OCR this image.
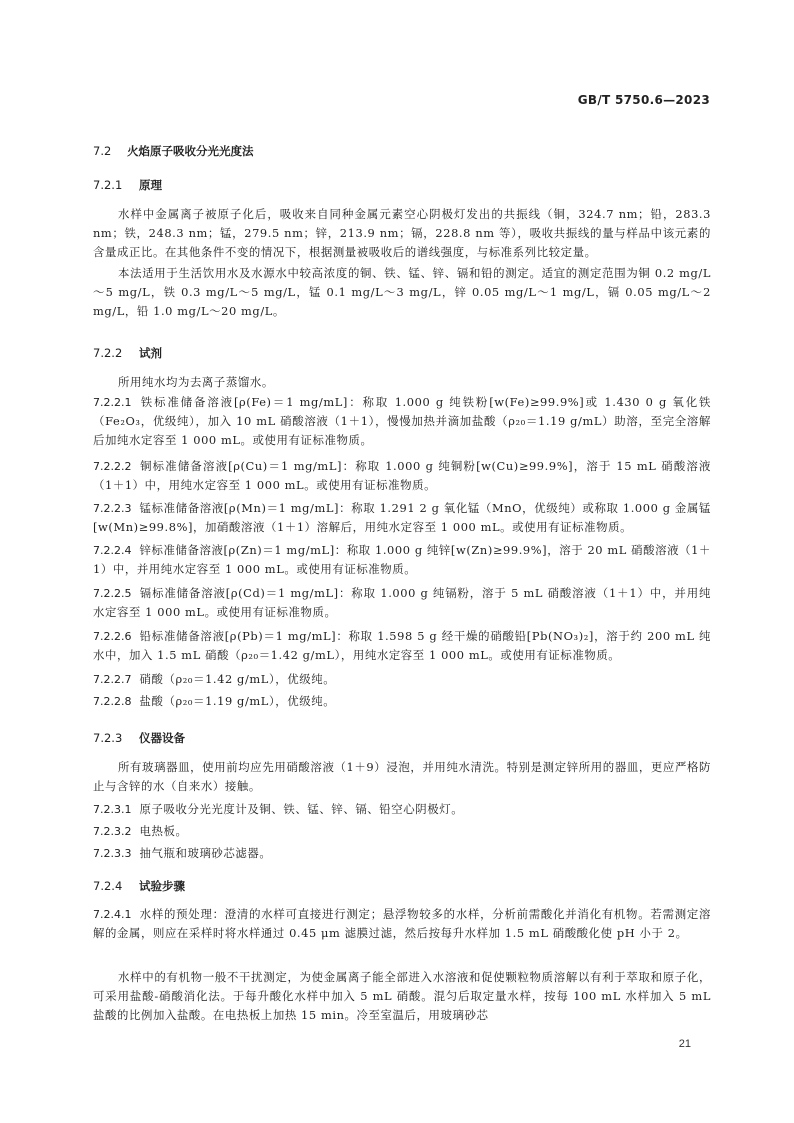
GB/T 5750.6—2023
7.2 火焰原子吸收分光光度法
7.2.1 原理
水样中金属离子被原子化后，吸收来自同种金属元素空心阴极灯发出的共振线（铜，324.7 nm；铅，283.3 nm；铁，248.3 nm；锰，279.5 nm；锌，213.9 nm；镉，228.8 nm 等），吸收共振线的量与样品中该元素的含量成正比。在其他条件不变的情况下，根据测量被吸收后的谱线强度，与标准系列比较定量。
本法适用于生活饮用水及水源水中较高浓度的铜、铁、锰、锌、镉和铅的测定。适宜的测定范围为铜 0.2 mg/L～5 mg/L，铁 0.3 mg/L～5 mg/L，锰 0.1 mg/L～3 mg/L，锌 0.05 mg/L～1 mg/L，镉 0.05 mg/L～2 mg/L，铅 1.0 mg/L～20 mg/L。
7.2.2 试剂
所用纯水均为去离子蒸馏水。
7.2.2.1 铁标准储备溶液[ρ(Fe)＝1 mg/mL]：称取 1.000 g 纯铁粉[w(Fe)≥99.9%]或 1.430 0 g 氧化铁（Fe₂O₃，优级纯），加入 10 mL 硝酸溶液（1＋1），慢慢加热并滴加盐酸（ρ₂₀＝1.19 g/mL）助溶，至完全溶解后加纯水定容至 1 000 mL。或使用有证标准物质。
7.2.2.2 铜标准储备溶液[ρ(Cu)＝1 mg/mL]：称取 1.000 g 纯铜粉[w(Cu)≥99.9%]，溶于 15 mL 硝酸溶液（1＋1）中，用纯水定容至 1 000 mL。或使用有证标准物质。
7.2.2.3 锰标准储备溶液[ρ(Mn)＝1 mg/mL]：称取 1.291 2 g 氧化锰（MnO，优级纯）或称取 1.000 g 金属锰[w(Mn)≥99.8%]，加硝酸溶液（1＋1）溶解后，用纯水定容至 1 000 mL。或使用有证标准物质。
7.2.2.4 锌标准储备溶液[ρ(Zn)＝1 mg/mL]：称取 1.000 g 纯锌[w(Zn)≥99.9%]，溶于 20 mL 硝酸溶液（1＋1）中，并用纯水定容至 1 000 mL。或使用有证标准物质。
7.2.2.5 镉标准储备溶液[ρ(Cd)＝1 mg/mL]：称取 1.000 g 纯镉粉，溶于 5 mL 硝酸溶液（1＋1）中，并用纯水定容至 1 000 mL。或使用有证标准物质。
7.2.2.6 铅标准储备溶液[ρ(Pb)＝1 mg/mL]：称取 1.598 5 g 经干燥的硝酸铅[Pb(NO₃)₂]，溶于约 200 mL 纯水中，加入 1.5 mL 硝酸（ρ₂₀＝1.42 g/mL），用纯水定容至 1 000 mL。或使用有证标准物质。
7.2.2.7 硝酸（ρ₂₀＝1.42 g/mL），优级纯。
7.2.2.8 盐酸（ρ₂₀＝1.19 g/mL），优级纯。
7.2.3 仪器设备
所有玻璃器皿，使用前均应先用硝酸溶液（1＋9）浸泡，并用纯水清洗。特别是测定锌所用的器皿，更应严格防止与含锌的水（自来水）接触。
7.2.3.1 原子吸收分光光度计及铜、铁、锰、锌、镉、铅空心阴极灯。
7.2.3.2 电热板。
7.2.3.3 抽气瓶和玻璃砂芯滤器。
7.2.4 试验步骤
7.2.4.1 水样的预处理：澄清的水样可直接进行测定；悬浮物较多的水样，分析前需酸化并消化有机物。若需测定溶解的金属，则应在采样时将水样通过 0.45 μm 滤膜过滤，然后按每升水样加 1.5 mL 硝酸酸化使 pH 小于 2。
水样中的有机物一般不干扰测定，为使金属离子能全部进入水溶液和促使颗粒物质溶解以有利于萃取和原子化，可采用盐酸-硝酸消化法。于每升酸化水样中加入 5 mL 硝酸。混匀后取定量水样，按每 100 mL 水样加入 5 mL 盐酸的比例加入盐酸。在电热板上加热 15 min。冷至室温后，用玻璃砂芯
21
